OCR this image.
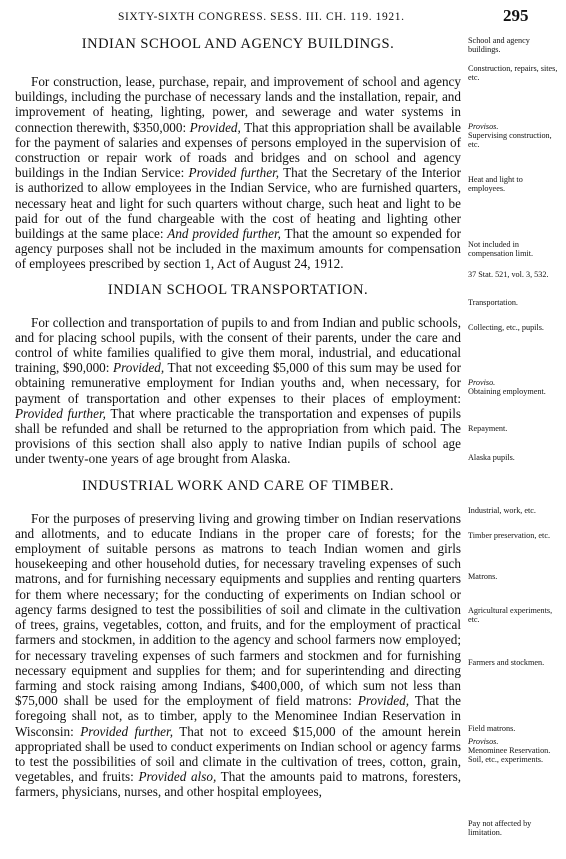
SIXTY-SIXTH CONGRESS. SESS. III. CH. 119. 1921.	295
INDIAN SCHOOL AND AGENCY BUILDINGS.

For construction, lease, purchase, repair, and improvement of school and agency buildings, including the purchase of necessary lands and the installation, repair, and improvement of heating, lighting, power, and sewerage and water systems in connection therewith, $350,000: Provided, That this appropriation shall be available for the payment of salaries and expenses of persons employed in the supervision of construction or repair work of roads and bridges and on school and agency buildings in the Indian Service: Provided further, That the Secretary of the Interior is authorized to allow employees in the Indian Service, who are furnished quarters, necessary heat and light for such quarters without charge, such heat and light to be paid for out of the fund chargeable with the cost of heating and lighting other buildings at the same place: And provided further, That the amount so expended for agency purposes shall not be included in the maximum amounts for compensation of employees prescribed by section 1, Act of August 24, 1912.

INDIAN SCHOOL TRANSPORTATION.

For collection and transportation of pupils to and from Indian and public schools, and for placing school pupils, with the consent of their parents, under the care and control of white families qualified to give them moral, industrial, and educational training, $90,000: Provided, That not exceeding $5,000 of this sum may be used for obtaining remunerative employment for Indian youths and, when necessary, for payment of transportation and other expenses to their places of employment: Provided further, That where practicable the transportation and expenses of pupils shall be refunded and shall be returned to the appropriation from which paid. The provisions of this section shall also apply to native Indian pupils of school age under twenty-one years of age brought from Alaska.

INDUSTRIAL WORK AND CARE OF TIMBER.

For the purposes of preserving living and growing timber on Indian reservations and allotments, and to educate Indians in the proper care of forests; for the employment of suitable persons as matrons to teach Indian women and girls housekeeping and other household duties, for necessary traveling expenses of such matrons, and for furnishing necessary equipments and supplies and renting quarters for them where necessary; for the conducting of experiments on Indian school or agency farms designed to test the possibilities of soil and climate in the cultivation of trees, grains, vegetables, cotton, and fruits, and for the employment of practical farmers and stockmen, in addition to the agency and school farmers now employed; for necessary traveling expenses of such farmers and stockmen and for furnishing necessary equipment and supplies for them; and for superintending and directing farming and stock raising among Indians, $400,000, of which sum not less than $75,000 shall be used for the employment of field matrons: Provided, That the foregoing shall not, as to timber, apply to the Menominee Indian Reservation in Wisconsin: Provided further, That not to exceed $15,000 of the amount herein appropriated shall be used to conduct experiments on Indian school or agency farms to test the possibilities of soil and climate in the cultivation of trees, cotton, grain, vegetables, and fruits: Provided also, That the amounts paid to matrons, foresters, farmers, physicians, nurses, and other hospital employees,

School and agency buildings.
Construction, repairs, sites, etc.
Provisos.
Supervising construction, etc.
Heat and light to employees.
Not included in compensation limit.
37 Stat. 521, vol. 3, 532.
Transportation.
Collecting, etc., pupils.
Proviso.
Obtaining employment.
Repayment.
Alaska pupils.
Industrial, work, etc.
Timber preservation, etc.
Matrons.
Agricultural experiments, etc.
Farmers and stockmen.
Field matrons.
Provisos.
Menominee Reservation.
Soil, etc., experiments.
Pay not affected by limitation.
